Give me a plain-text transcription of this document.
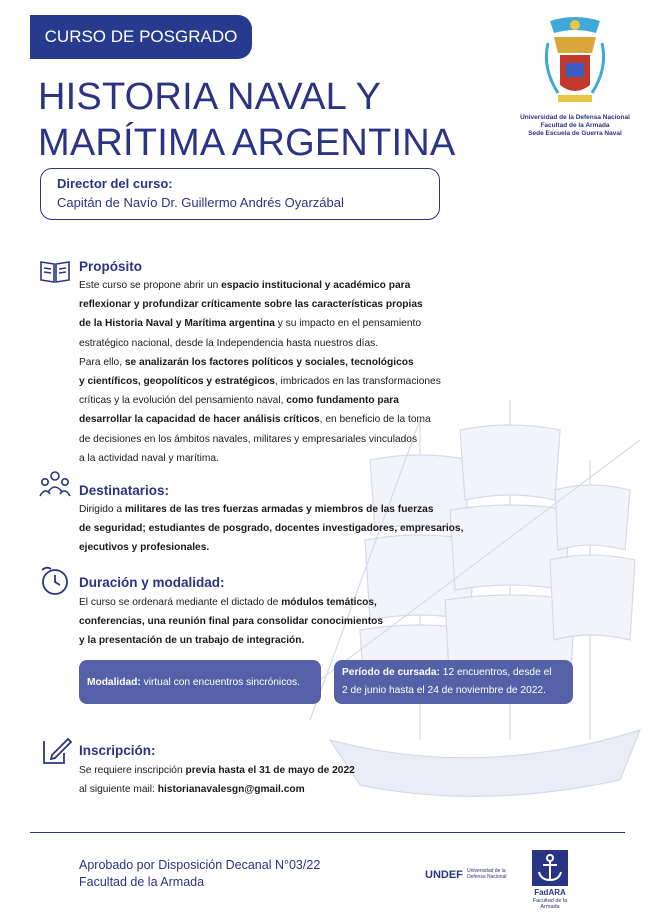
CURSO DE POSGRADO
HISTORIA NAVAL Y
MARÍTIMA ARGENTINA
Universidad de la Defensa Nacional
Facultad de la Armada
Sede Escuela de Guerra Naval
Director del curso:
Capitán de Navío Dr. Guillermo Andrés Oyarzábal
Propósito
Este curso se propone abrir un espacio institucional y académico para
reflexionar y profundizar críticamente sobre las características propias
de la Historia Naval y Marítima argentina y su impacto en el pensamiento
estratégico nacional, desde la Independencia hasta nuestros días.
Para ello, se analizarán los factores políticos y sociales, tecnológicos
y científicos, geopolíticos y estratégicos, imbricados en las transformaciones
críticas y la evolución del pensamiento naval, como fundamento para
desarrollar la capacidad de hacer análisis críticos, en beneficio de la toma
de decisiones en los ámbitos navales, militares y empresariales vinculados
a la actividad naval y marítima.
Destinatarios:
Dirigido a militares de las tres fuerzas armadas y miembros de las fuerzas
de seguridad; estudiantes de posgrado, docentes investigadores, empresarios,
ejecutivos y profesionales.
Duración y modalidad:
El curso se ordenará mediante el dictado de módulos temáticos,
conferencias, una reunión final para consolidar conocimientos
y la presentación de un trabajo de integración.
Modalidad: virtual con encuentros sincrónicos.
Período de cursada: 12 encuentros, desde el
2 de junio hasta el 24 de noviembre de 2022.
Inscripción:
Se requiere inscripción previa hasta el 31 de mayo de 2022
al siguiente mail: historianavalesgn@gmail.com
Aprobado por Disposición Decanal N°03/22
Facultad de la Armada	UNDEF Universidad de la Defensa Nacional
FadARA
Facultad de la Armada
